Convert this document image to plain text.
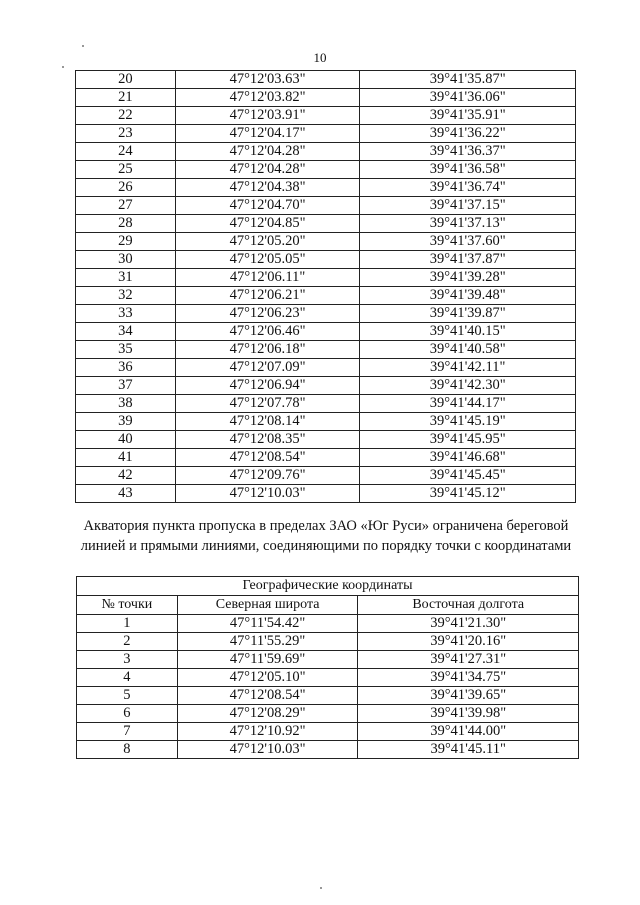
10
20	47°12'03.63"	39°41'35.87"
21	47°12'03.82"	39°41'36.06"
22	47°12'03.91"	39°41'35.91"
23	47°12'04.17"	39°41'36.22"
24	47°12'04.28"	39°41'36.37"
25	47°12'04.28"	39°41'36.58"
26	47°12'04.38"	39°41'36.74"
27	47°12'04.70"	39°41'37.15"
28	47°12'04.85"	39°41'37.13"
29	47°12'05.20"	39°41'37.60"
30	47°12'05.05"	39°41'37.87"
31	47°12'06.11"	39°41'39.28"
32	47°12'06.21"	39°41'39.48"
33	47°12'06.23"	39°41'39.87"
34	47°12'06.46"	39°41'40.15"
35	47°12'06.18"	39°41'40.58"
36	47°12'07.09"	39°41'42.11"
37	47°12'06.94"	39°41'42.30"
38	47°12'07.78"	39°41'44.17"
39	47°12'08.14"	39°41'45.19"
40	47°12'08.35"	39°41'45.95"
41	47°12'08.54"	39°41'46.68"
42	47°12'09.76"	39°41'45.45"
43	47°12'10.03"	39°41'45.12"
Акватория пункта пропуска в пределах ЗАО «Юг Руси» ограничена береговой линией и прямыми линиями, соединяющими по порядку точки с координатами
Географические координаты		
№ точки	Северная широта	Восточная долгота
1	47°11'54.42"	39°41'21.30"
2	47°11'55.29"	39°41'20.16"
3	47°11'59.69"	39°41'27.31"
4	47°12'05.10"	39°41'34.75"
5	47°12'08.54"	39°41'39.65"
6	47°12'08.29"	39°41'39.98"
7	47°12'10.92"	39°41'44.00"
8	47°12'10.03"	39°41'45.11"
